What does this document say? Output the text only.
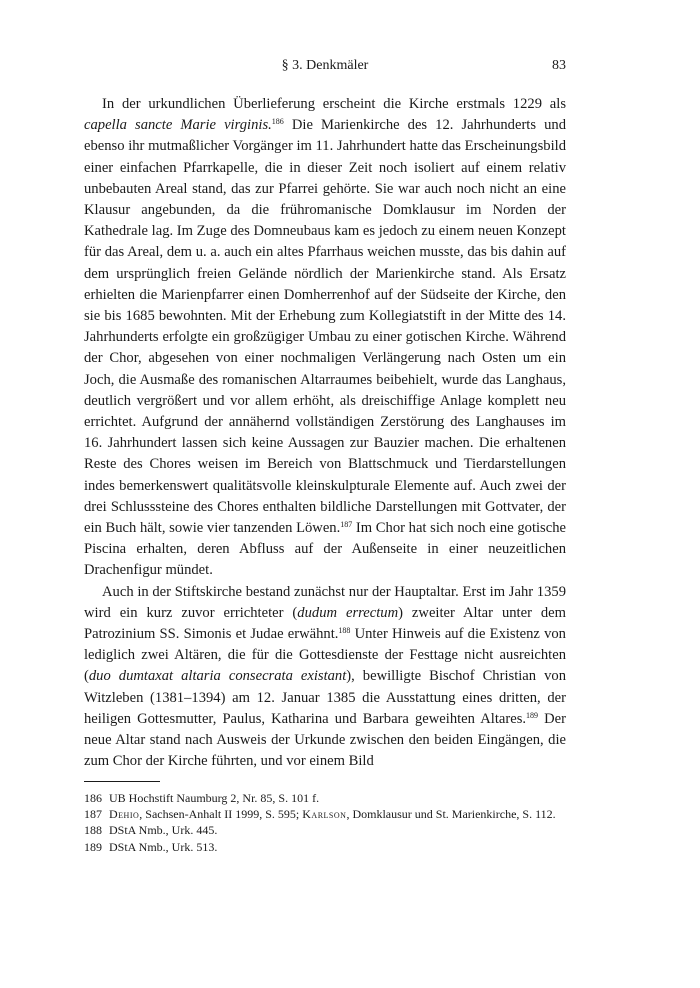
§ 3. Denkmäler	83

In der urkundlichen Überlieferung erscheint die Kirche erstmals 1229 als capella sancte Marie virginis.$^{186}$ Die Marienkirche des 12. Jahrhunderts und ebenso ihr mutmaßlicher Vorgänger im 11. Jahrhundert hatte das Erscheinungsbild einer einfachen Pfarrkapelle, die in dieser Zeit noch isoliert auf einem relativ unbebauten Areal stand, das zur Pfarrei gehörte. Sie war auch noch nicht an eine Klausur angebunden, da die frühromanische Domklausur im Norden der Kathedrale lag. Im Zuge des Domneubaus kam es jedoch zu einem neuen Konzept für das Areal, dem u. a. auch ein altes Pfarrhaus weichen musste, das bis dahin auf dem ursprünglich freien Gelände nördlich der Marienkirche stand. Als Ersatz erhielten die Marienpfarrer einen Domherrenhof auf der Südseite der Kirche, den sie bis 1685 bewohnten. Mit der Erhebung zum Kollegiatstift in der Mitte des 14. Jahrhunderts erfolgte ein großzügiger Umbau zu einer gotischen Kirche. Während der Chor, abgesehen von einer nochmaligen Verlängerung nach Osten um ein Joch, die Ausmaße des romanischen Altarraumes beibehielt, wurde das Langhaus, deutlich vergrößert und vor allem erhöht, als dreischiffige Anlage komplett neu errichtet. Aufgrund der annähernd vollständigen Zerstörung des Langhauses im 16. Jahrhundert lassen sich keine Aussagen zur Bauzier machen. Die erhaltenen Reste des Chores weisen im Bereich von Blattschmuck und Tierdarstellungen indes bemerkenswert qualitätsvolle kleinskulpturale Elemente auf. Auch zwei der drei Schlusssteine des Chores enthalten bildliche Darstellungen mit Gottvater, der ein Buch hält, sowie vier tanzenden Löwen.$^{187}$ Im Chor hat sich noch eine gotische Piscina erhalten, deren Abfluss auf der Außenseite in einer neuzeitlichen Drachenfigur mündet.

Auch in der Stiftskirche bestand zunächst nur der Hauptaltar. Erst im Jahr 1359 wird ein kurz zuvor errichteter (dudum errectum) zweiter Altar unter dem Patrozinium SS. Simonis et Judae erwähnt.$^{188}$ Unter Hinweis auf die Existenz von lediglich zwei Altären, die für die Gottesdienste der Festtage nicht ausreichten (duo dumtaxat altaria consecrata existant), bewilligte Bischof Christian von Witzleben (1381–1394) am 12. Januar 1385 die Ausstattung eines dritten, der heiligen Gottesmutter, Paulus, Katharina und Barbara geweihten Altares.$^{189}$ Der neue Altar stand nach Ausweis der Urkunde zwischen den beiden Eingängen, die zum Chor der Kirche führten, und vor einem Bild

186 UB Hochstift Naumburg 2, Nr. 85, S. 101 f.
187 Dehio, Sachsen-Anhalt II 1999, S. 595; Karlson, Domklausur und St. Marienkirche, S. 112.
188 DStA Nmb., Urk. 445.
189 DStA Nmb., Urk. 513.
